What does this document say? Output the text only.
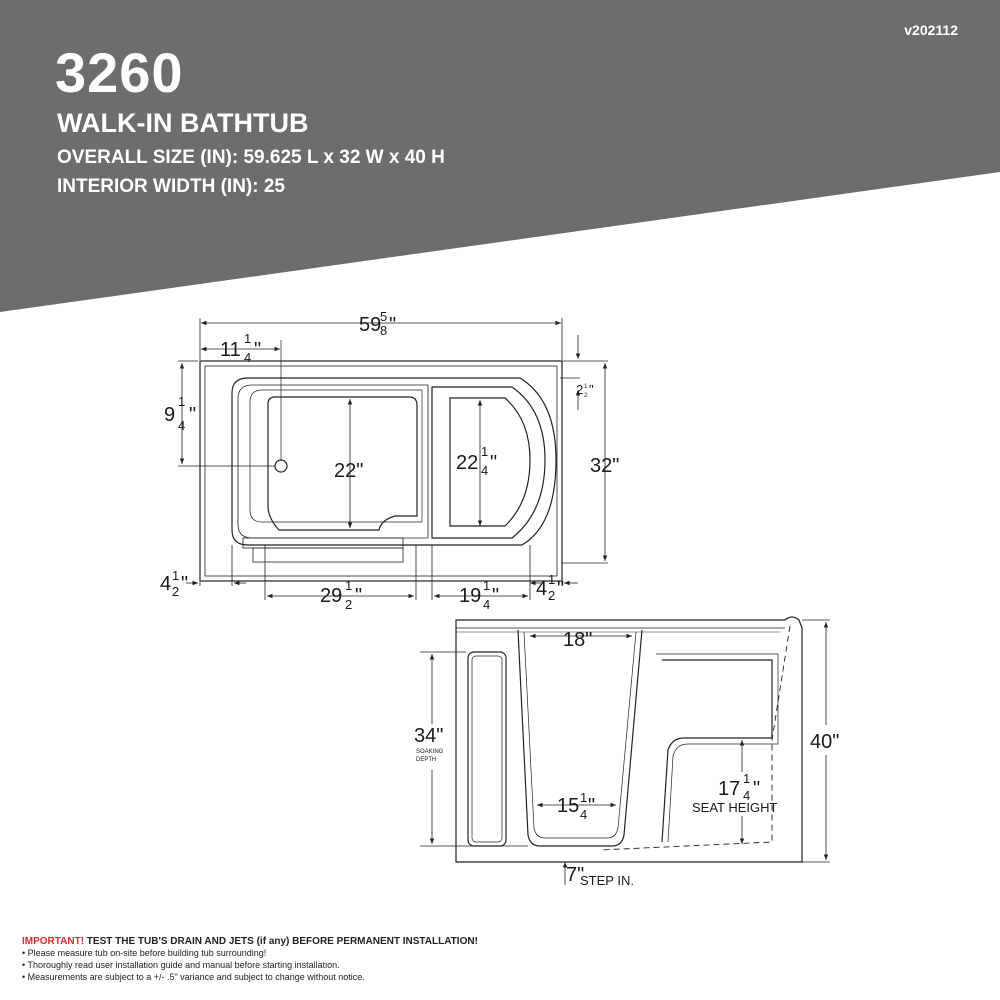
3260
WALK-IN BATHTUB
OVERALL SIZE (IN): 59.625 L x 32 W x 40 H
INTERIOR WIDTH (IN): 25
v202112
59
5
8 "
11
1
4 "
9
1
4 "
22"	22
1
4 "	32"
2 1
2 "
4 1
2 "
29 1
2 "	19 1
4 " 4 1
2 "
18"
34"
SOAKING
DEPTH
15 1
4 "
17 1
4 "
SEAT HEIGHT
40"
7"
STEP IN.
IMPORTANT! TEST THE TUB'S DRAIN AND JETS (if any) BEFORE PERMANENT INSTALLATION!
• Please measure tub on-site before building tub surrounding!
• Thoroughly read user installation guide and manual before starting installation.
• Measurements are subject to a +/- .5" variance and subject to change without notice.
